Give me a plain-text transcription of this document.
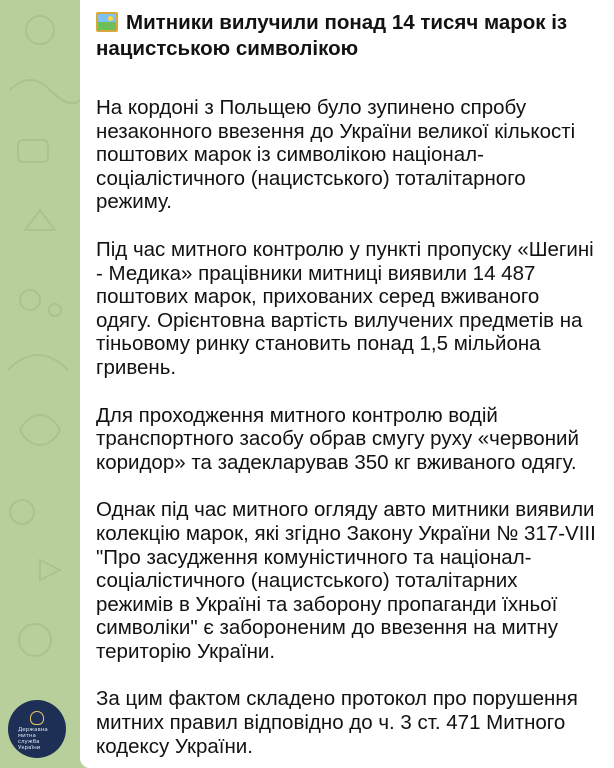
Державна митна служба України
Митники вилучили понад 14 тисяч марок із нацистською символікою

На кордоні з Польщею було зупинено спробу незаконного ввезення до України великої кількості поштових марок із символікою націонал-соціалістичного (нацистського) тоталітарного режиму.

Під час митного контролю у пункті пропуску «Шегині - Медика» працівники митниці виявили 14 487 поштових марок, прихованих серед вживаного одягу. Орієнтовна вартість вилучених предметів на тіньовому ринку становить понад 1,5 мільйона гривень.

Для проходження митного контролю водій транспортного засобу обрав смугу руху «червоний коридор» та задекларував 350 кг вживаного одягу.

Однак під час митного огляду авто митники виявили колекцію марок, які згідно Закону України № 317-VIII "Про засудження комуністичного та націонал-соціалістичного (нацистського) тоталітарних режимів в Україні та заборону пропаганди їхньої символіки" є забороненим до ввезення на митну територію України.

За цим фактом складено протокол про порушення митних правил відповідно до ч. 3 ст. 471 Митного кодексу України.
